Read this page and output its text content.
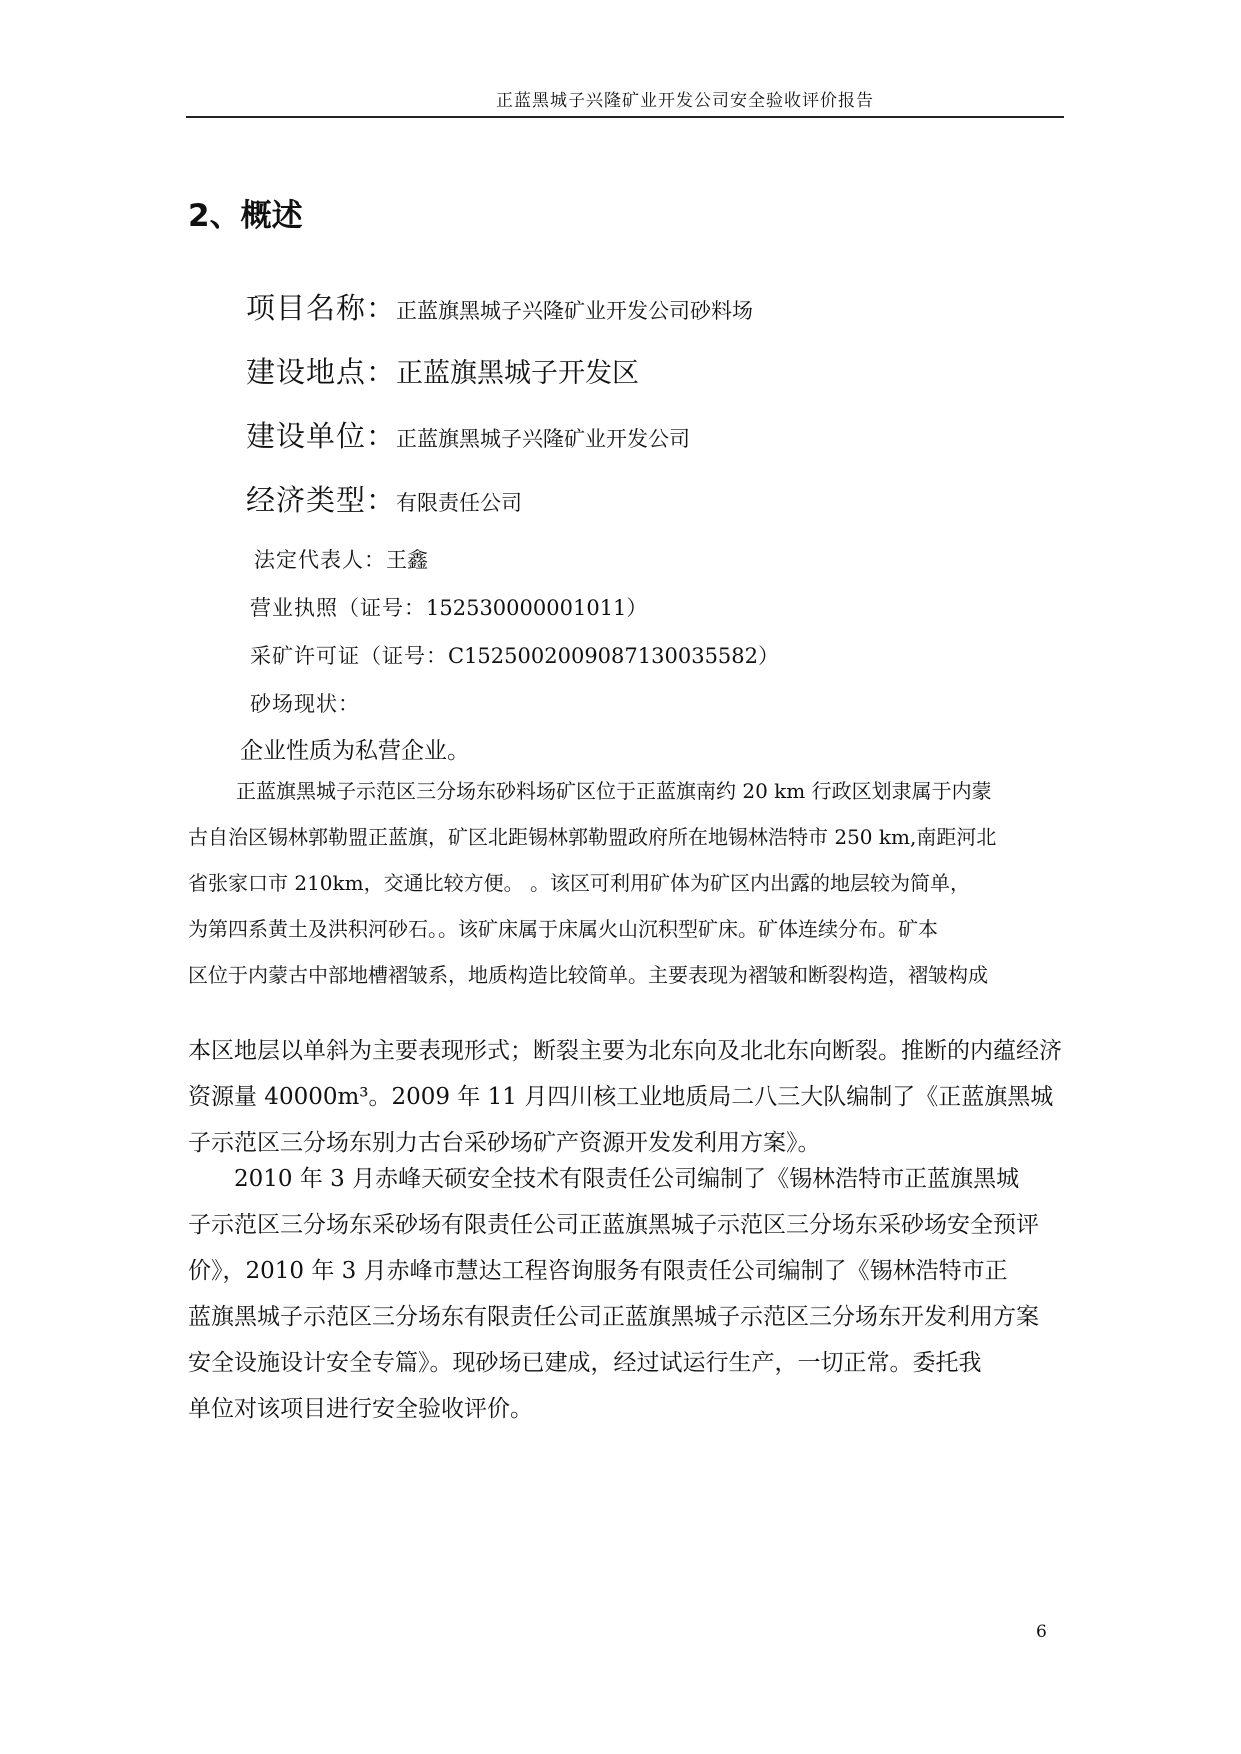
正蓝黑城子兴隆矿业开发公司安全验收评价报告
2、概述
项目名称：正蓝旗黑城子兴隆矿业开发公司砂料场
建设地点：正蓝旗黑城子开发区
建设单位：正蓝旗黑城子兴隆矿业开发公司
经济类型：有限责任公司
法定代表人：王鑫
营业执照（证号：152530000001011）
采矿许可证（证号：C1525002009087130035582）
砂场现状：
企业性质为私营企业。
正蓝旗黑城子示范区三分场东砂料场矿区位于正蓝旗南约 20 km 行政区划隶属于内蒙
古自治区锡林郭勒盟正蓝旗，矿区北距锡林郭勒盟政府所在地锡林浩特市 250 km,南距河北
省张家口市 210km，交通比较方便。 。该区可利用矿体为矿区内出露的地层较为简单，
为第四系黄土及洪积河砂石。。该矿床属于床属火山沉积型矿床。矿体连续分布。矿本
区位于内蒙古中部地槽褶皱系，地质构造比较简单。主要表现为褶皱和断裂构造，褶皱构成
本区地层以单斜为主要表现形式；断裂主要为北东向及北北东向断裂。推断的内蕴经济
资源量 40000m³。2009 年 11 月四川核工业地质局二八三大队编制了《正蓝旗黑城
子示范区三分场东别力古台采砂场矿产资源开发发利用方案》。
　　2010 年 3 月赤峰天硕安全技术有限责任公司编制了《锡林浩特市正蓝旗黑城
子示范区三分场东采砂场有限责任公司正蓝旗黑城子示范区三分场东采砂场安全预评
价》，2010 年 3 月赤峰市慧达工程咨询服务有限责任公司编制了《锡林浩特市正
蓝旗黑城子示范区三分场东有限责任公司正蓝旗黑城子示范区三分场东开发利用方案
安全设施设计安全专篇》。现砂场已建成，经过试运行生产，一切正常。委托我
单位对该项目进行安全验收评价。
6
